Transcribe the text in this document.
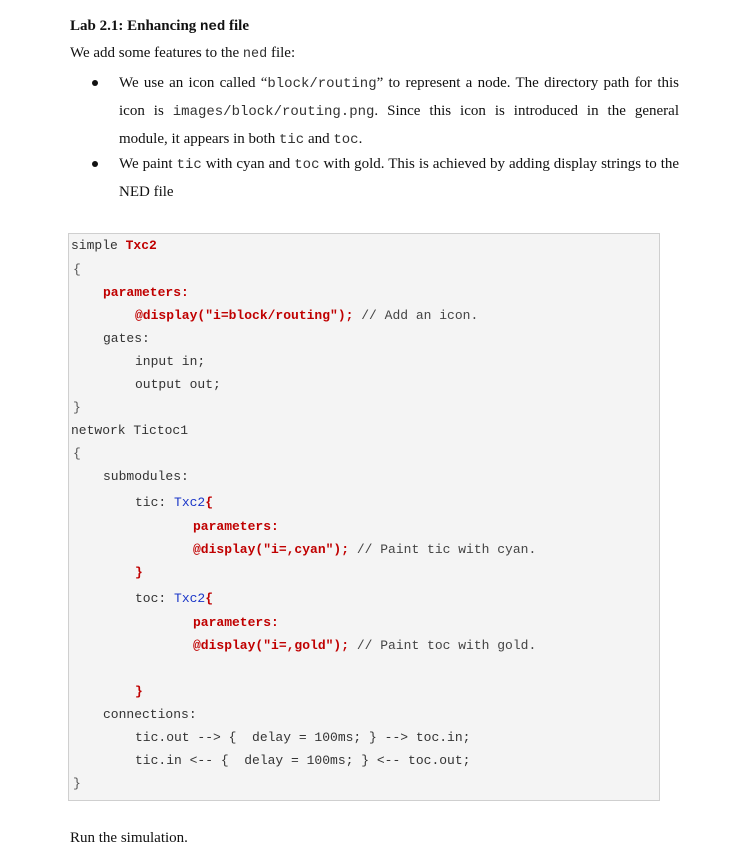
Lab 2.1: Enhancing ned file
We add some features to the ned file:
We use an icon called “block/routing” to represent a node. The directory path for this icon is images/block/routing.png. Since this icon is introduced in the general module, it appears in both tic and toc.
We paint tic with cyan and toc with gold. This is achieved by adding display strings to the NED file
simple Txc2
{
parameters:
@display("i=block/routing"); // Add an icon.
gates:
input in;
output out;
}
network Tictoc1
{
submodules:
tic: Txc2{
parameters:
@display("i=,cyan"); // Paint tic with cyan.
}
toc: Txc2{
parameters:
@display("i=,gold"); // Paint toc with gold.
}
connections:
tic.out --> {  delay = 100ms; } --> toc.in;
tic.in <-- {  delay = 100ms; } <-- toc.out;
}
Run the simulation.
